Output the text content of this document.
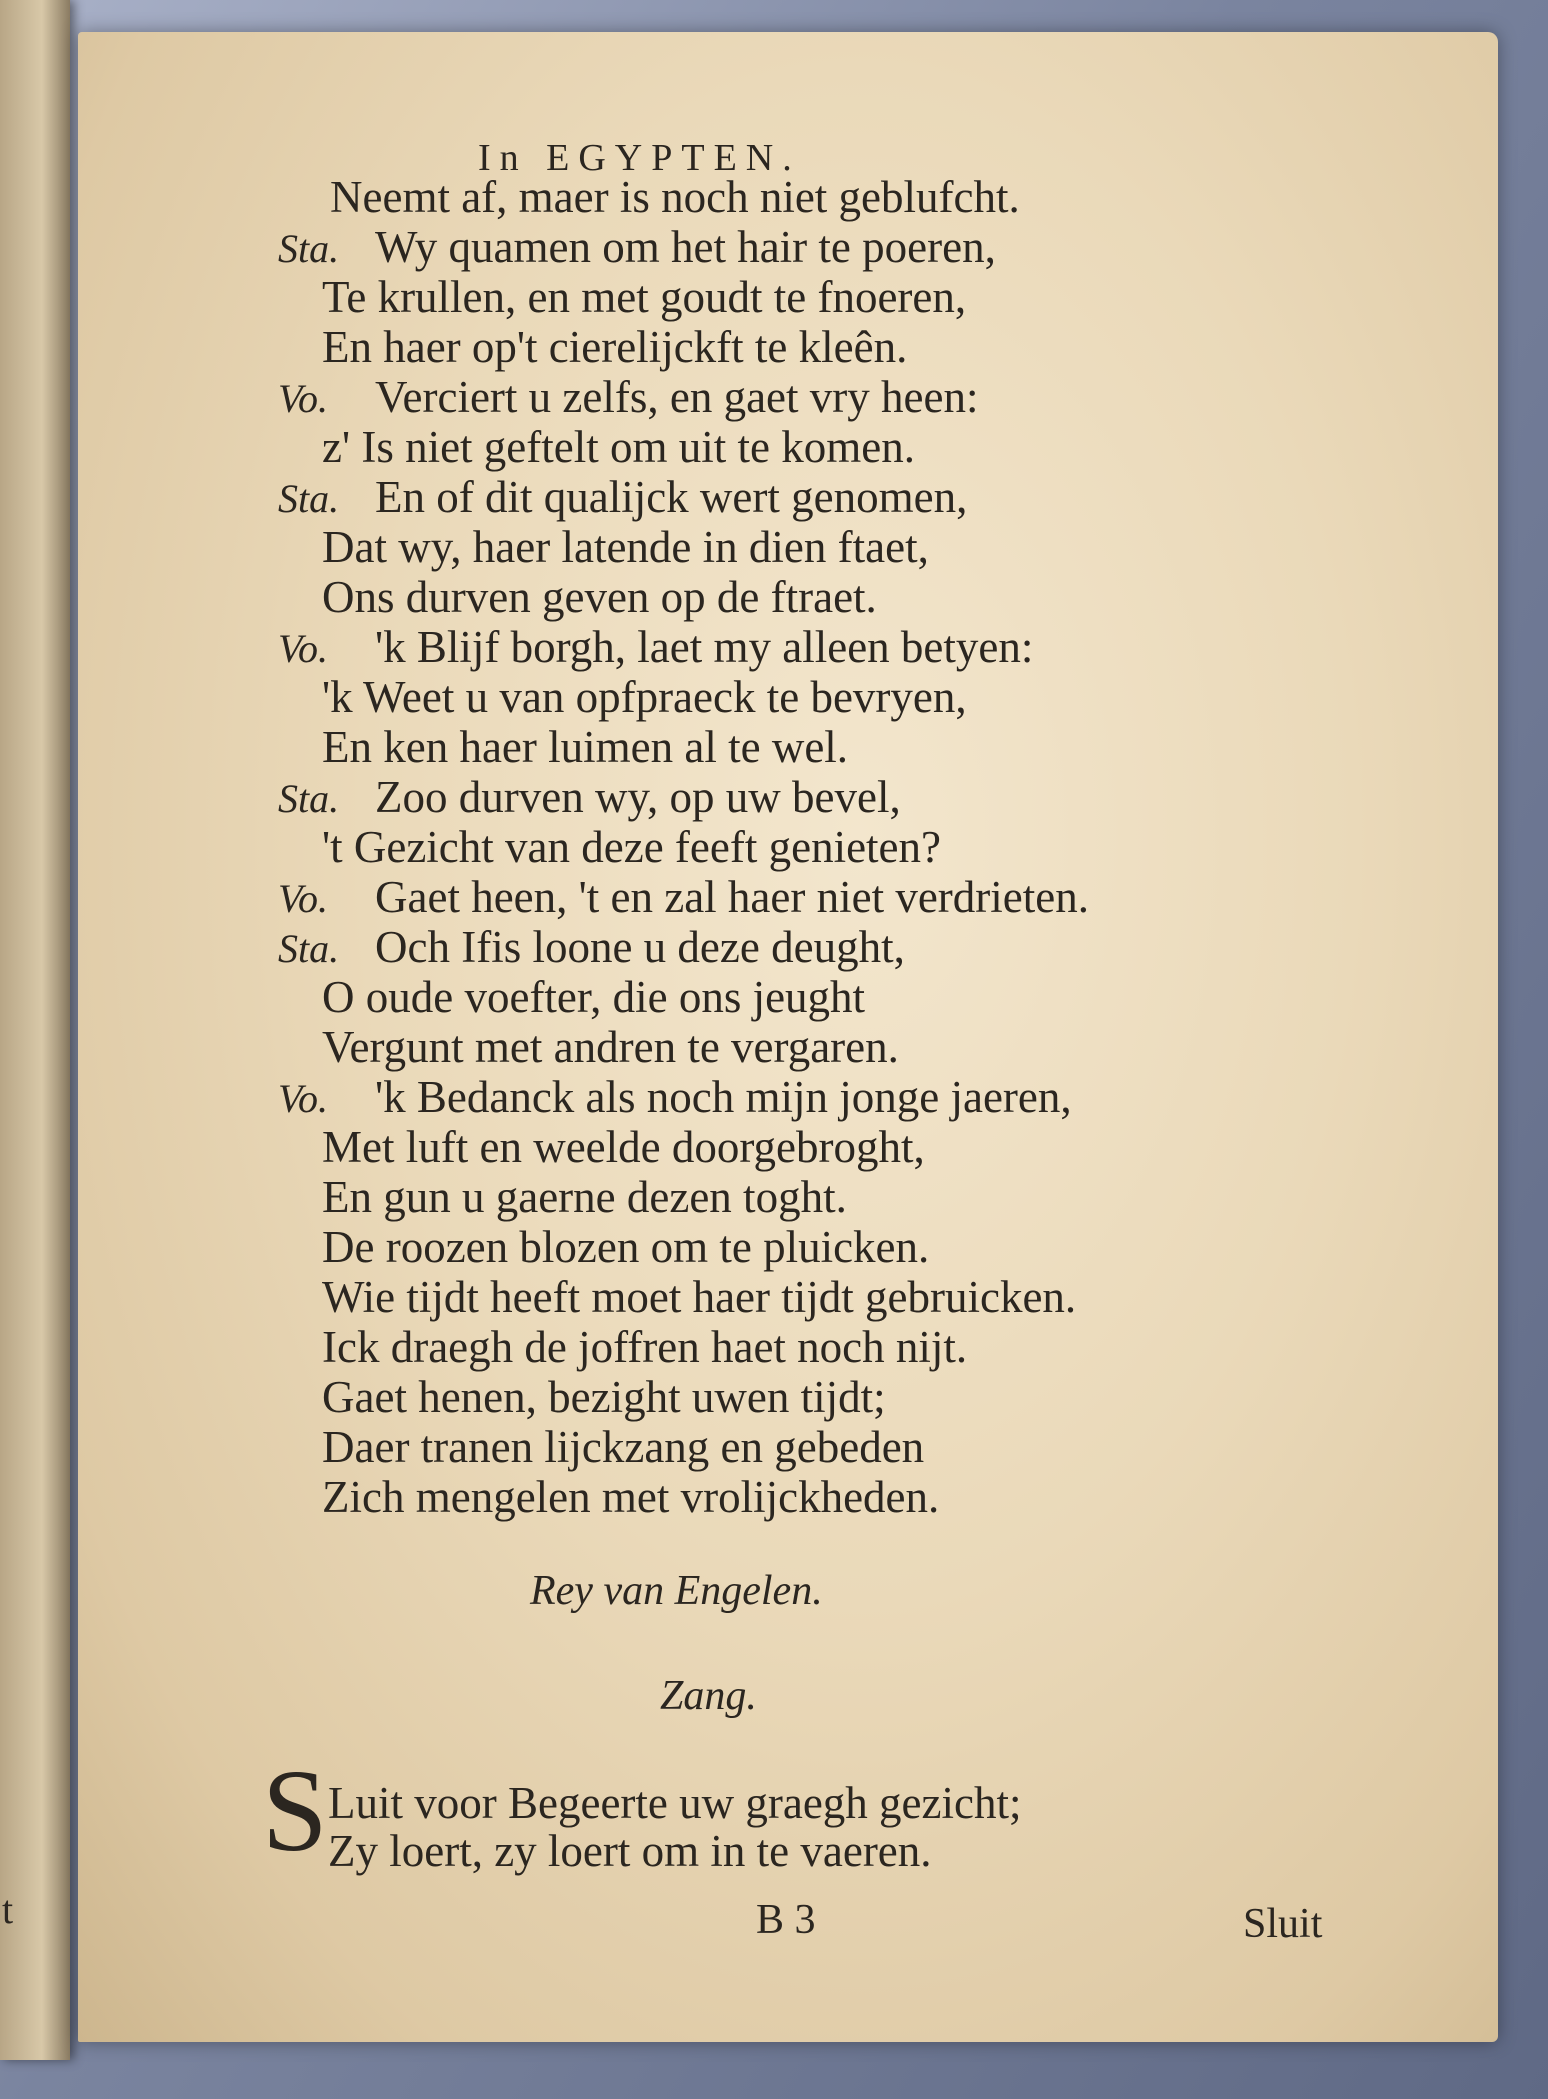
t
In EGYPTEN.
Neemt af, maer is noch niet geblufcht.
Sta. Wy quamen om het hair te poeren,
Te krullen, en met goudt te fnoeren,
En haer op't cierelijckft te kleên.
Vo. Verciert u zelfs, en gaet vry heen:
z' Is niet geftelt om uit te komen.
Sta. En of dit qualijck wert genomen,
Dat wy, haer latende in dien ftaet,
Ons durven geven op de ftraet.
Vo. 'k Blijf borgh, laet my alleen betyen:
'k Weet u van opfpraeck te bevryen,
En ken haer luimen al te wel.
Sta. Zoo durven wy, op uw bevel,
't Gezicht van deze feeft genieten?
Vo. Gaet heen, 't en zal haer niet verdrieten.
Sta. Och Ifis loone u deze deught,
O oude voefter, die ons jeught
Vergunt met andren te vergaren.
Vo. 'k Bedanck als noch mijn jonge jaeren,
Met luft en weelde doorgebroght,
En gun u gaerne dezen toght.
De roozen blozen om te pluicken.
Wie tijdt heeft moet haer tijdt gebruicken.
Ick draegh de joffren haet noch nijt.
Gaet henen, bezight uwen tijdt;
Daer tranen lijckzang en gebeden
Zich mengelen met vrolijckheden.
Rey van Engelen.
Zang.
S Luit voor Begeerte uw graegh gezicht;
Zy loert, zy loert om in te vaeren.
B 3	Sluit
